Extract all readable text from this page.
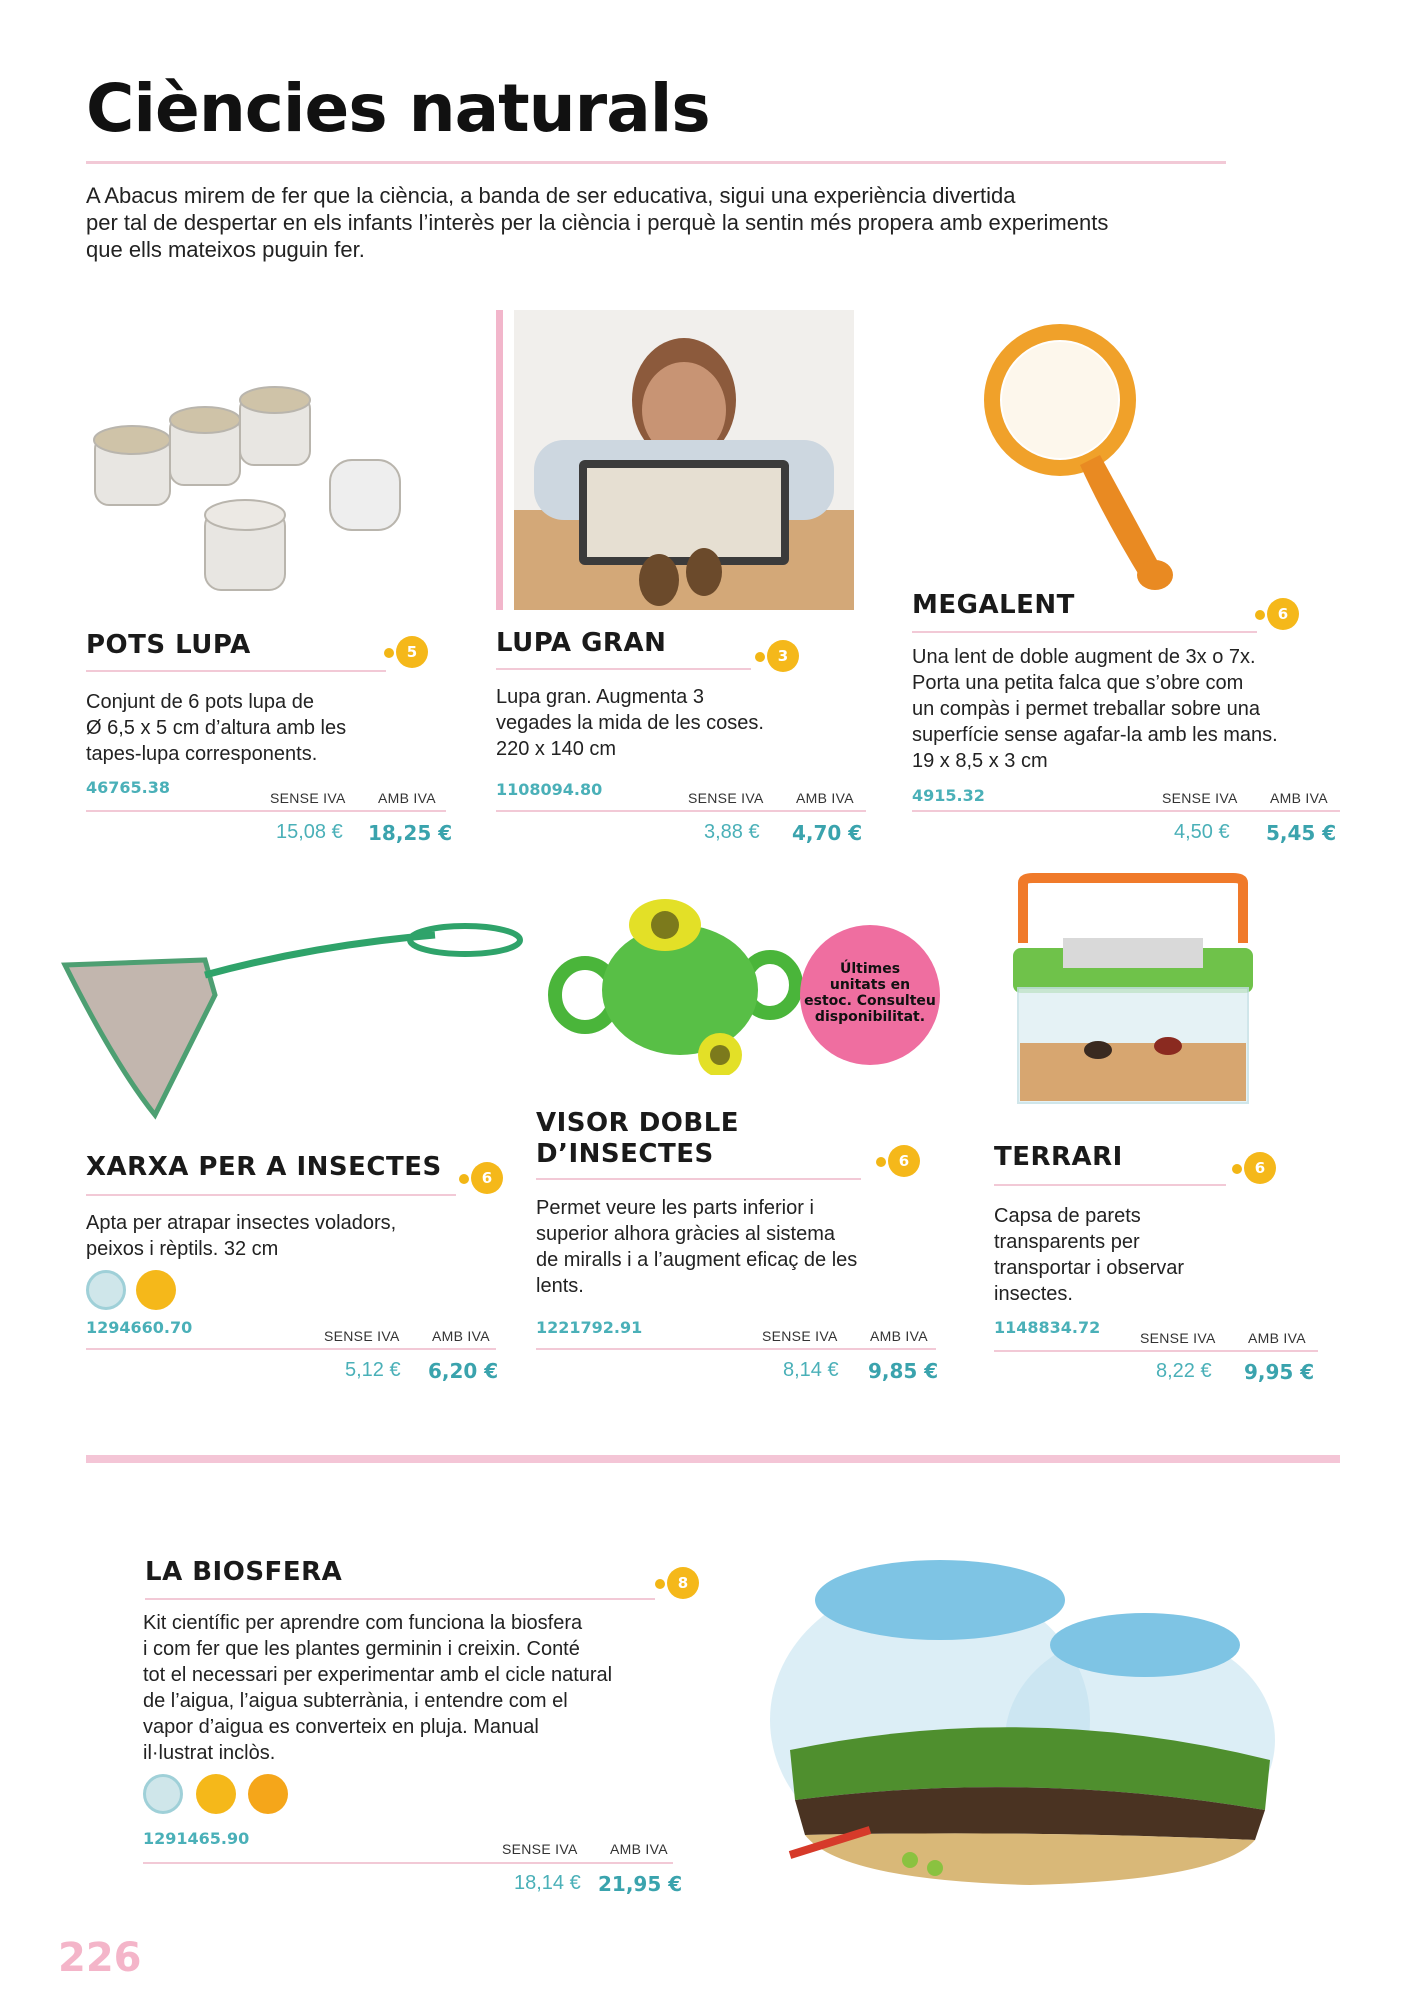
Ciències naturals
A Abacus mirem de fer que la ciència, a banda de ser educativa, sigui una experiència divertida
per tal de despertar en els infants l’interès per la ciència i perquè la sentin més propera amb experiments
que ells mateixos puguin fer.
POTS LUPA	5
Conjunt de 6 pots lupa de
Ø 6,5 x 5 cm d’altura amb les
tapes-lupa corresponents.
46765.38
SENSE IVA AMB IVA
15,08 € 18,25 €
LUPA GRAN	3
Lupa gran. Augmenta 3
vegades la mida de les coses.
220 x 140 cm
1108094.80	SENSE IVA AMB IVA
3,88 € 4,70 €
MEGALENT	6
Una lent de doble augment de 3x o 7x.
Porta una petita falca que s’obre com
un compàs i permet treballar sobre una
superfície sense agafar-la amb les mans.
19 x 8,5 x 3 cm
4915.32	SENSE IVA AMB IVA
4,50 € 5,45 €
XARXA PER A INSECTES	6
Apta per atrapar insectes voladors,
peixos i rèptils. 32 cm
1294660.70	SENSE IVA AMB IVA
5,12 € 6,20 €
Últimes
unitats en
estoc. Consulteu
disponibilitat.
VISOR DOBLE
D’INSECTES	6
Permet veure les parts inferior i
superior alhora gràcies al sistema
de miralls i a l’augment eficaç de les
lents.
1221792.91	SENSE IVA AMB IVA
8,14 € 9,85 €
TERRARI	6
Capsa de parets
transparents per
transportar i observar
insectes.
1148834.72
SENSE IVA AMB IVA
8,22 € 9,95 €
LA BIOSFERA	8
Kit científic per aprendre com funciona la biosfera
i com fer que les plantes germinin i creixin. Conté
tot el necessari per experimentar amb el cicle natural
de l’aigua, l’aigua subterrània, i entendre com el
vapor d’aigua es converteix en pluja. Manual
il·lustrat inclòs.
1291465.90
SENSE IVA AMB IVA
18,14 € 21,95 €
226
